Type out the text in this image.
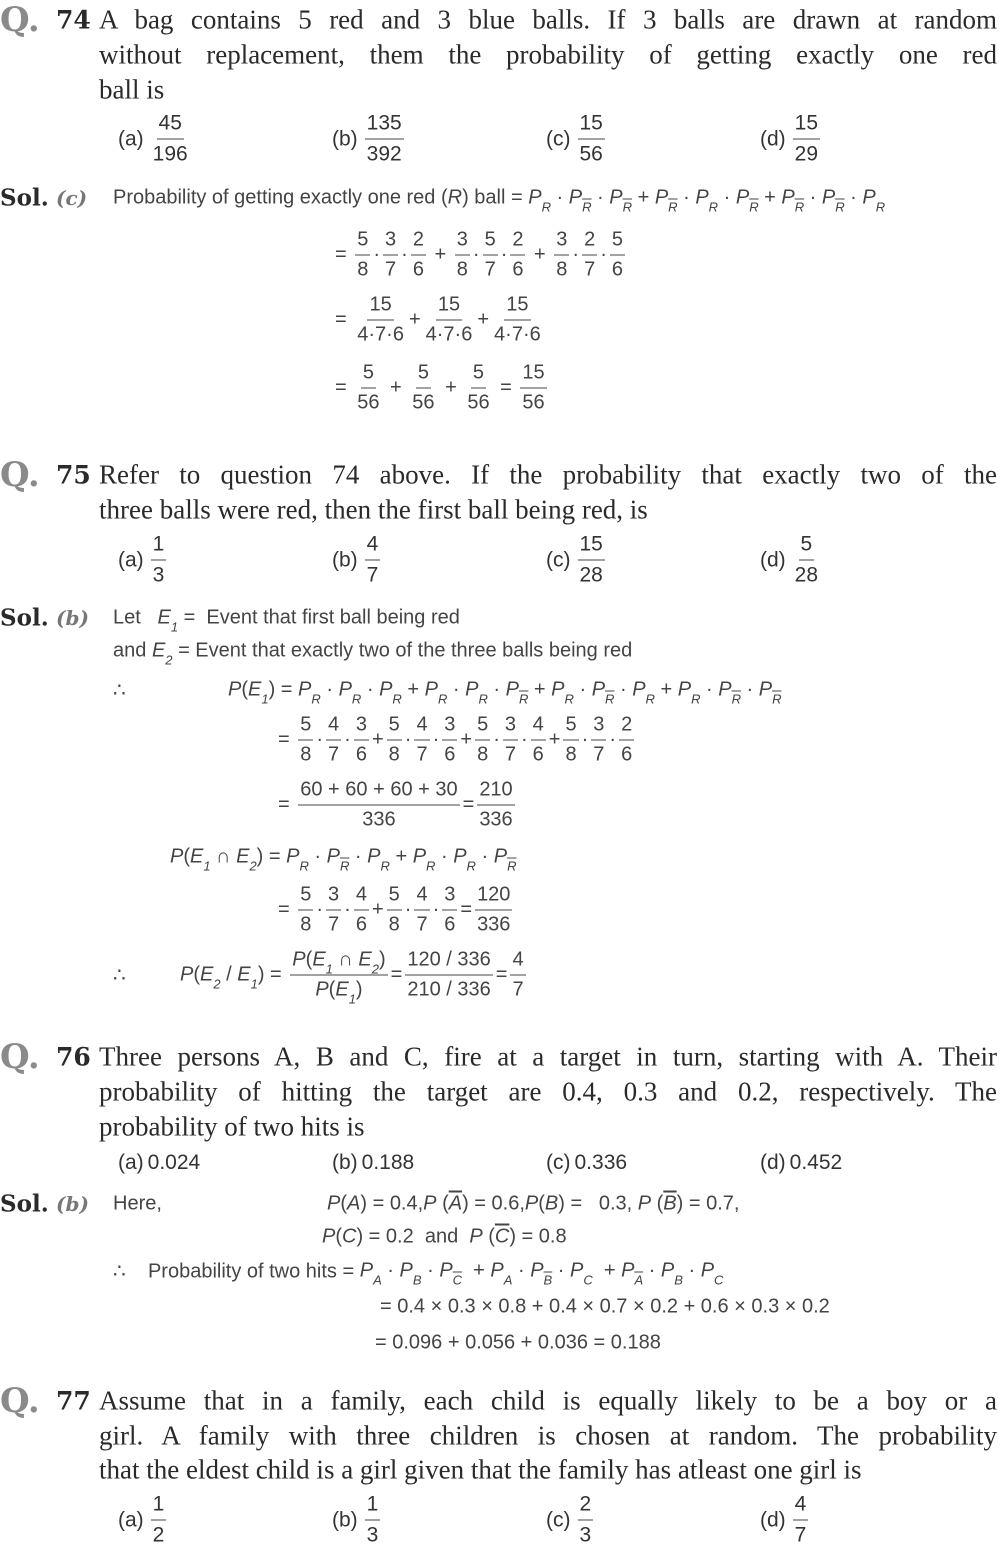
Q. 74 A bag contains 5 red and 3 blue balls. If 3 balls are drawn at random
without replacement, them the probability of getting exactly one red
ball is
$(a) \frac{45}{196}$	$(b) \frac{135}{392}$	$(c) \frac{15}{56}$	$(d) \frac{15}{29}$
Sol. (c) Probability of getting exactly one red ( R ) ball = $P_R \cdot P_{\overline{R}} \cdot P_{\overline{R}} + P_{\overline{R}} \cdot P_R \cdot P_{\overline{R}} + P_{\overline{R}} \cdot P_{\overline{R}} \cdot P_R$
= $\frac{5}{8} \cdot \frac{3}{7} \cdot \frac{2}{6} + \frac{3}{8} \cdot \frac{5}{7} \cdot \frac{2}{6} + \frac{3}{8} \cdot \frac{2}{7} \cdot \frac{5}{6}$
= $\frac{15}{4\cdot 7\cdot 6} + \frac{15}{4\cdot 7\cdot 6} + \frac{15}{4\cdot 7\cdot 6}$
= $\frac{5}{56} + \frac{5}{56} + \frac{5}{56} = \frac{15}{56}$
Q. 75 Refer to question 74 above. If the probability that exactly two of the
three balls were red, then the first ball being red, is
$(a) \frac{1}{3}$	$(b) \frac{4}{7}$	$(c) \frac{15}{28}$	$(d) \frac{5}{28}$
Sol. (b) Let $E_1$ =  Event that first ball being red
and $E_2$ = Event that exactly two of the three balls being red
∴	P ( $E_1$ ) = $P_R \cdot P_R \cdot P_R + P_R \cdot P_R \cdot P_{\overline{R}} + P_R \cdot P_{\overline{R}} \cdot P_R + P_R \cdot P_{\overline{R}} \cdot P_{\overline{R}}$
= $\frac{5}{8} \cdot \frac{4}{7} \cdot \frac{3}{6} + \frac{5}{8} \cdot \frac{4}{7} \cdot \frac{3}{6} + \frac{5}{8} \cdot \frac{3}{7} \cdot \frac{4}{6} + \frac{5}{8} \cdot \frac{3}{7} \cdot \frac{2}{6}$
= $\frac{60 + 60 + 60 + 30}{336} = \frac{210}{336}$
P ( $E_1$ ∩ $E_2$ ) = $P_R \cdot P_{\overline{R}} \cdot P_R + P_R \cdot P_R \cdot P_{\overline{R}}$
= $\frac{5}{8} \cdot \frac{3}{7} \cdot \frac{4}{6} + \frac{5}{8} \cdot \frac{4}{7} \cdot \frac{3}{6} = \frac{120}{336}$
∴	P ( $E_2 / E_1$ ) = $\frac{P ( E_1 \cap E_2 )}{P ( E_1 )} = \frac{120 / 336}{210 / 336} = \frac{4}{7}$
Q. 76 Three persons A, B and C, fire at a target in turn, starting with A. Their
probability of hitting the target are 0.4, 0.3 and 0.2, respectively. The
probability of two hits is
(a) 0.024	(b) 0.188	(c) 0.336	(d) 0.452
Sol. (b) Here,	P ( A ) = 0.4, P ( $\overline{A}$ ) = 0.6, P ( B ) =   0.3, P ( $\overline{B}$ ) = 0.7,
P ( C ) = 0.2  and P ( $\overline{C}$ ) = 0.8
∴    Probability of two hits = $P_A \cdot P_B \cdot P_{\overline{C}} + P_A \cdot P_{\overline{B}} \cdot P_C + P_{\overline{A}} \cdot P_B \cdot P_C$
= 0.4 × 0.3 × 0.8 + 0.4 × 0.7 × 0.2 + 0.6 × 0.3 × 0.2
= 0.096 + 0.056 + 0.036 = 0.188
Q. 77 Assume that in a family, each child is equally likely to be a boy or a
girl. A family with three children is chosen at random. The probability
that the eldest child is a girl given that the family has atleast one girl is
$(a) \frac{1}{2}$	$(b) \frac{1}{3}$	$(c) \frac{2}{3}$	$(d) \frac{4}{7}$
